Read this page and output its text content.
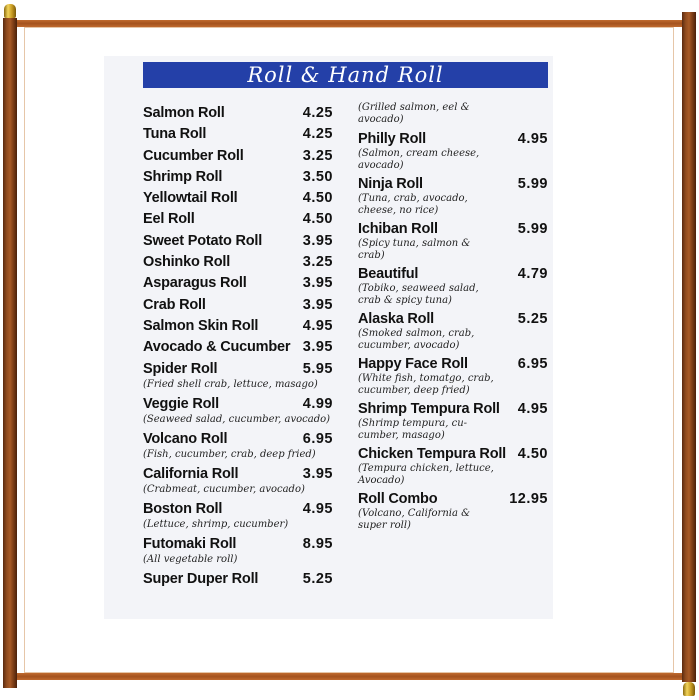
Roll & Hand Roll
Salmon Roll	4.25
Tuna Roll	4.25
Cucumber Roll	3.25
Shrimp Roll	3.50
Yellowtail Roll	4.50
Eel Roll	4.50
Sweet Potato Roll	3.95
Oshinko Roll	3.25
Asparagus Roll	3.95
Crab Roll	3.95
Salmon Skin Roll	4.95
Avocado & Cucumber 3.95
Spider Roll	5.95
(Fried shell crab, lettuce, masago)
Veggie Roll	4.99
(Seaweed salad, cucumber, avocado)
Volcano Roll	6.95
(Fish, cucumber, crab, deep fried)
California Roll	3.95
(Crabmeat, cucumber, avocado)
Boston Roll	4.95
(Lettuce, shrimp, cucumber)
Futomaki Roll	8.95
(All vegetable roll)
Super Duper Roll	5.25
(Grilled salmon, eel & avocado)
Philly Roll	4.95
(Salmon, cream cheese, avocado)
Ninja Roll	5.99
(Tuna, crab, avocado, cheese, no rice)
Ichiban Roll	5.99
(Spicy tuna, salmon & crab)
Beautiful	4.79
(Tobiko, seaweed salad, crab & spicy tuna)
Alaska Roll	5.25
(Smoked salmon, crab, cucumber, avocado)
Happy Face Roll	6.95
(White fish, tomatgo, crab, cucumber, deep fried)
Shrimp Tempura Roll 4.95
(Shrimp tempura, cu-cumber, masago)
Chicken Tempura Roll 4.50
(Tempura chicken, lettuce, Avocado)
Roll Combo	12.95
(Volcano, California & super roll)
